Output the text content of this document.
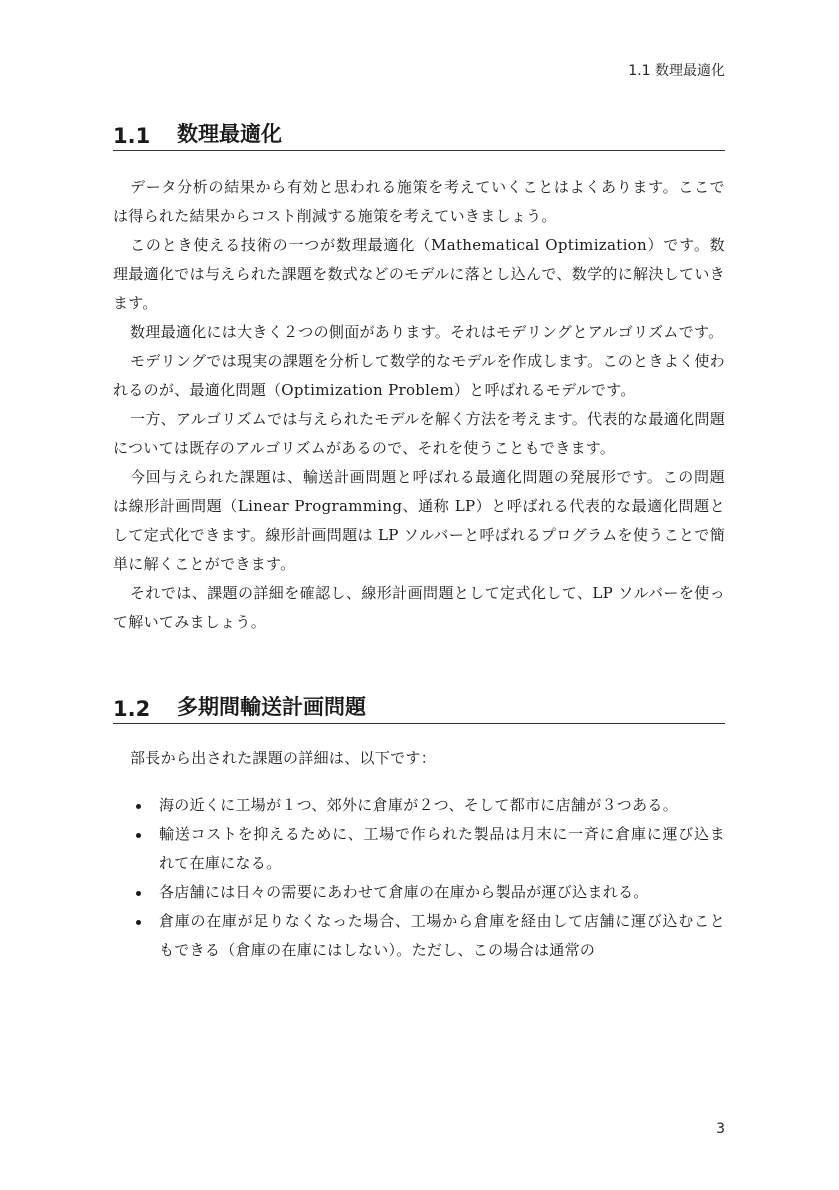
1.1 数理最適化
1.1	数理最適化

データ分析の結果から有効と思われる施策を考えていくことはよくあります。ここでは得られた結果からコスト削減する施策を考えていきましょう。

このとき使える技術の一つが数理最適化（Mathematical Optimization）です。数理最適化では与えられた課題を数式などのモデルに落とし込んで、数学的に解決していきます。

数理最適化には大きく２つの側面があります。それはモデリングとアルゴリズムです。

モデリングでは現実の課題を分析して数学的なモデルを作成します。このときよく使われるのが、最適化問題（Optimization Problem）と呼ばれるモデルです。

一方、アルゴリズムでは与えられたモデルを解く方法を考えます。代表的な最適化問題については既存のアルゴリズムがあるので、それを使うこともできます。

今回与えられた課題は、輸送計画問題と呼ばれる最適化問題の発展形です。この問題は線形計画問題（Linear Programming、通称 LP）と呼ばれる代表的な最適化問題として定式化できます。線形計画問題は LP ソルバーと呼ばれるプログラムを使うことで簡単に解くことができます。

それでは、課題の詳細を確認し、線形計画問題として定式化して、LP ソルバーを使って解いてみましょう。

1.2	多期間輸送計画問題

部長から出された課題の詳細は、以下です：

海の近くに工場が１つ、郊外に倉庫が２つ、そして都市に店舗が３つある。
輸送コストを抑えるために、工場で作られた製品は月末に一斉に倉庫に運び込まれて在庫になる。
各店舗には日々の需要にあわせて倉庫の在庫から製品が運び込まれる。
倉庫の在庫が足りなくなった場合、工場から倉庫を経由して店舗に運び込むこともできる（倉庫の在庫にはしない）。ただし、この場合は通常の
3
